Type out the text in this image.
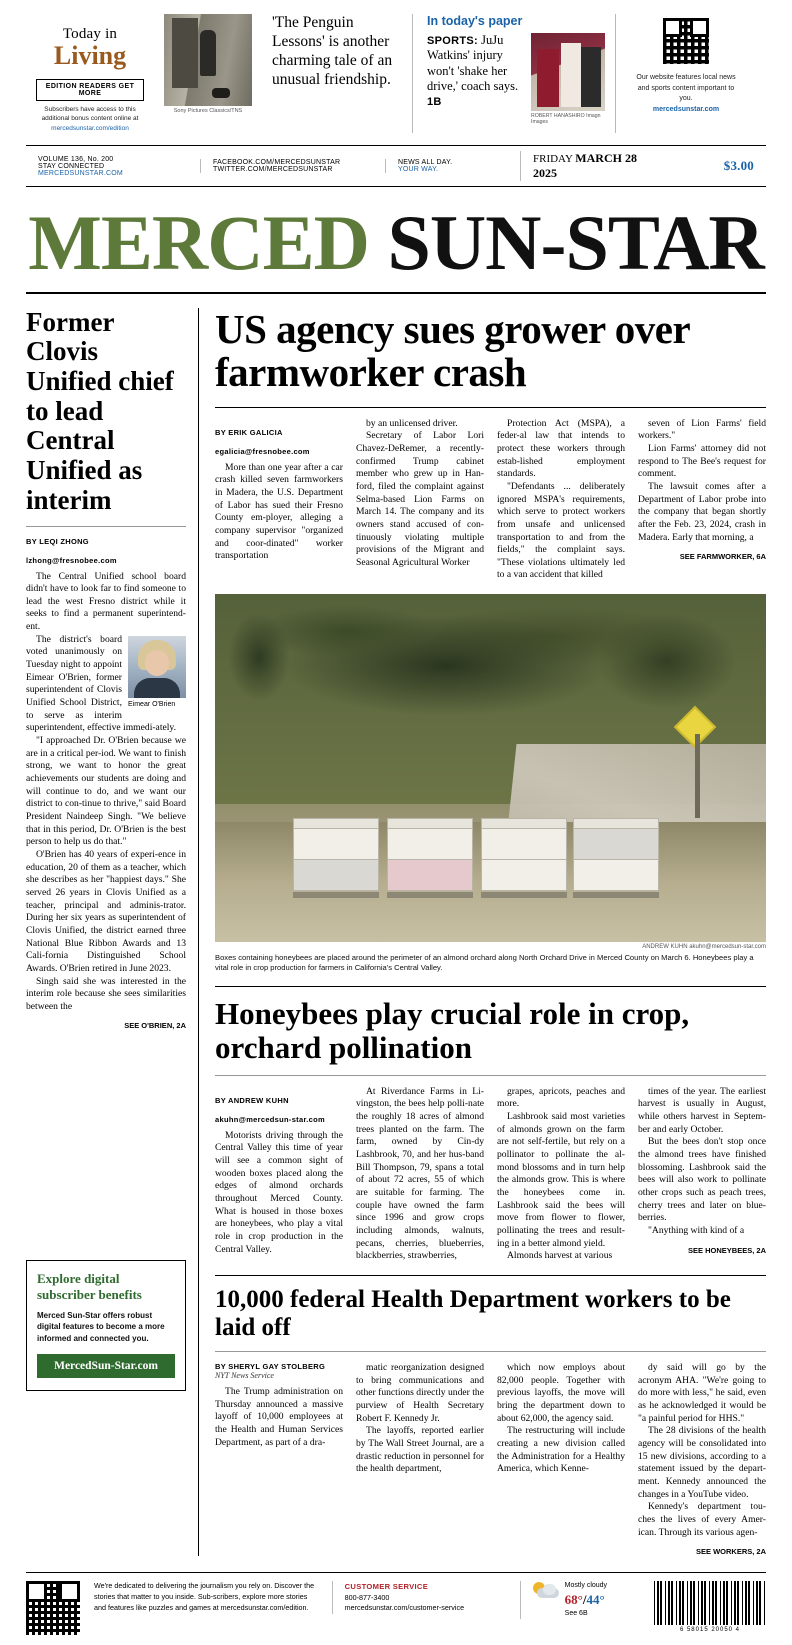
Today in
Living
EDITION READERS GET MORE
Subscribers have access to this additional bonus content online at mercedsunstar.com/edition
Sony Pictures Classics/TNS

'The Penguin Lessons' is another charming tale of an unusual friendship.

In today's paper
SPORTS: JuJu Watkins' injury won't 'shake her drive,' coach says. 1B
ROBERT HANASHIRO Imagn Images
Our website features local news and sports content important to you.
mercedsunstar.com
VOLUME 136, No. 200
STAY CONNECTED MERCEDSUNSTAR.COM
FACEBOOK.COM/MERCEDSUNSTAR
TWITTER.COM/MERCEDSUNSTAR
NEWS ALL DAY.
YOUR WAY.
FRIDAY MARCH 28 2025	$3.00
MERCED SUN-STAR
Former Clovis Unified chief to lead Central Unified as interim
BY LEQI ZHONG
lzhong@fresnobee.com

The Central Unified school board didn't have to look far to find someone to lead the west Fresno district while it seeks to find a permanent superintend-ent.

Eimear O'Brien

The district's board voted unanimously on Tuesday night to appoint Eimear O'Brien, former superintendent of Clovis Unified School District, to serve as interim superintendent, effective immedi-ately.

"I approached Dr. O'Brien because we are in a critical per-iod. We want to finish strong, we want to honor the great achievements our students are doing and will continue to do, and we want our district to con-tinue to thrive," said Board President Naindeep Singh. "We believe that in this period, Dr. O'Brien is the best person to help us do that."

O'Brien has 40 years of experi-ence in education, 20 of them as a teacher, which she describes as her "happiest days." She served 26 years in Clovis Unified as a teacher, principal and adminis-trator. During her six years as superintendent of Clovis Unified, the district earned three National Blue Ribbon Awards and 13 Cali-fornia Distinguished School Awards. O'Brien retired in June 2023.

Singh said she was interested in the interim role because she sees similarities between the

SEE O'BRIEN, 2A
Explore digital subscriber benefits

Merced Sun-Star offers robust digital features to become a more informed and connected you.

MercedSun-Star.com
US agency sues grower over farmworker crash
BY ERIK GALICIA
egalicia@fresnobee.com

More than one year after a car crash killed seven farmworkers in Madera, the U.S. Department of Labor has sued their Fresno County em-ployer, alleging a company supervisor "organized and coor-dinated" worker transportation

by an unlicensed driver.

Secretary of Labor Lori Chavez-DeRemer, a recently-confirmed Trump cabinet member who grew up in Han-ford, filed the complaint against Selma-based Lion Farms on March 14. The company and its owners stand accused of con-tinuously violating multiple provisions of the Migrant and Seasonal Agricultural Worker

Protection Act (MSPA), a feder-al law that intends to protect these workers through estab-lished employment standards.

"Defendants ... deliberately ignored MSPA's requirements, which serve to protect workers from unsafe and unlicensed transportation to and from the fields," the complaint says. "These violations ultimately led to a van accident that killed

seven of Lion Farms' field workers."

Lion Farms' attorney did not respond to The Bee's request for comment.

The lawsuit comes after a Department of Labor probe into the company that began shortly after the Feb. 23, 2024, crash in Madera. Early that morning, a

SEE FARMWORKER, 6A
ANDREW KUHN akuhn@mercedsun-star.com
Boxes containing honeybees are placed around the perimeter of an almond orchard along North Orchard Drive in Merced County on March 6. Honeybees play a vital role in crop production for farmers in California's Central Valley.
Honeybees play crucial role in crop, orchard pollination
BY ANDREW KUHN
akuhn@mercedsun-star.com

Motorists driving through the Central Valley this time of year will see a common sight of wooden boxes placed along the edges of almond orchards throughout Merced County. What is housed in those boxes are honeybees, who play a vital role in crop production in the Central Valley.

At Riverdance Farms in Li-vingston, the bees help polli-nate the roughly 18 acres of almond trees planted on the farm. The farm, owned by Cin-dy Lashbrook, 70, and her hus-band Bill Thompson, 79, spans a total of about 72 acres, 55 of which are suitable for farming. The couple have owned the farm since 1996 and grow crops including almonds, walnuts, pecans, cherries, blueberries, blackberries, strawberries,

grapes, apricots, peaches and more.

Lashbrook said most varieties of almonds grown on the farm are not self-fertile, but rely on a pollinator to pollinate the al-mond blossoms and in turn help the almonds grow. This is where the honeybees come in. Lashbrook said the bees will move from flower to flower, pollinating the trees and result-ing in a better almond yield.

Almonds harvest at various

times of the year. The earliest harvest is usually in August, while others harvest in Septem-ber and early October.

But the bees don't stop once the almond trees have finished blossoming. Lashbrook said the bees will also work to pollinate other crops such as peach trees, cherry trees and later on blue-berries.

"Anything with kind of a

SEE HONEYBEES, 2A
10,000 federal Health Department workers to be laid off
BY SHERYL GAY STOLBERG
NYT News Service

The Trump administration on Thursday announced a massive layoff of 10,000 employees at the Health and Human Services Department, as part of a dra-

matic reorganization designed to bring communications and other functions directly under the purview of Health Secretary Robert F. Kennedy Jr.

The layoffs, reported earlier by The Wall Street Journal, are a drastic reduction in personnel for the health department,

which now employs about 82,000 people. Together with previous layoffs, the move will bring the department down to about 62,000, the agency said.

The restructuring will include creating a new division called the Administration for a Healthy America, which Kenne-

dy said will go by the acronym AHA. "We're going to do more with less," he said, even as he acknowledged it would be "a painful period for HHS."

The 28 divisions of the health agency will be consolidated into 15 new divisions, according to a statement issued by the depart-ment. Kennedy announced the changes in a YouTube video.

Kennedy's department tou-ches the lives of every Amer-ican. Through its various agen-

SEE WORKERS, 2A
We're dedicated to delivering the journalism you rely on. Discover the stories that matter to you inside. Sub-scribers, explore more stories and features like puzzles and games at mercedsunstar.com/edition.
CUSTOMER SERVICE
800-877-3400
mercedsunstar.com/customer-service
Mostly cloudy
68°/44°
See 6B
6 58015 20050 4
